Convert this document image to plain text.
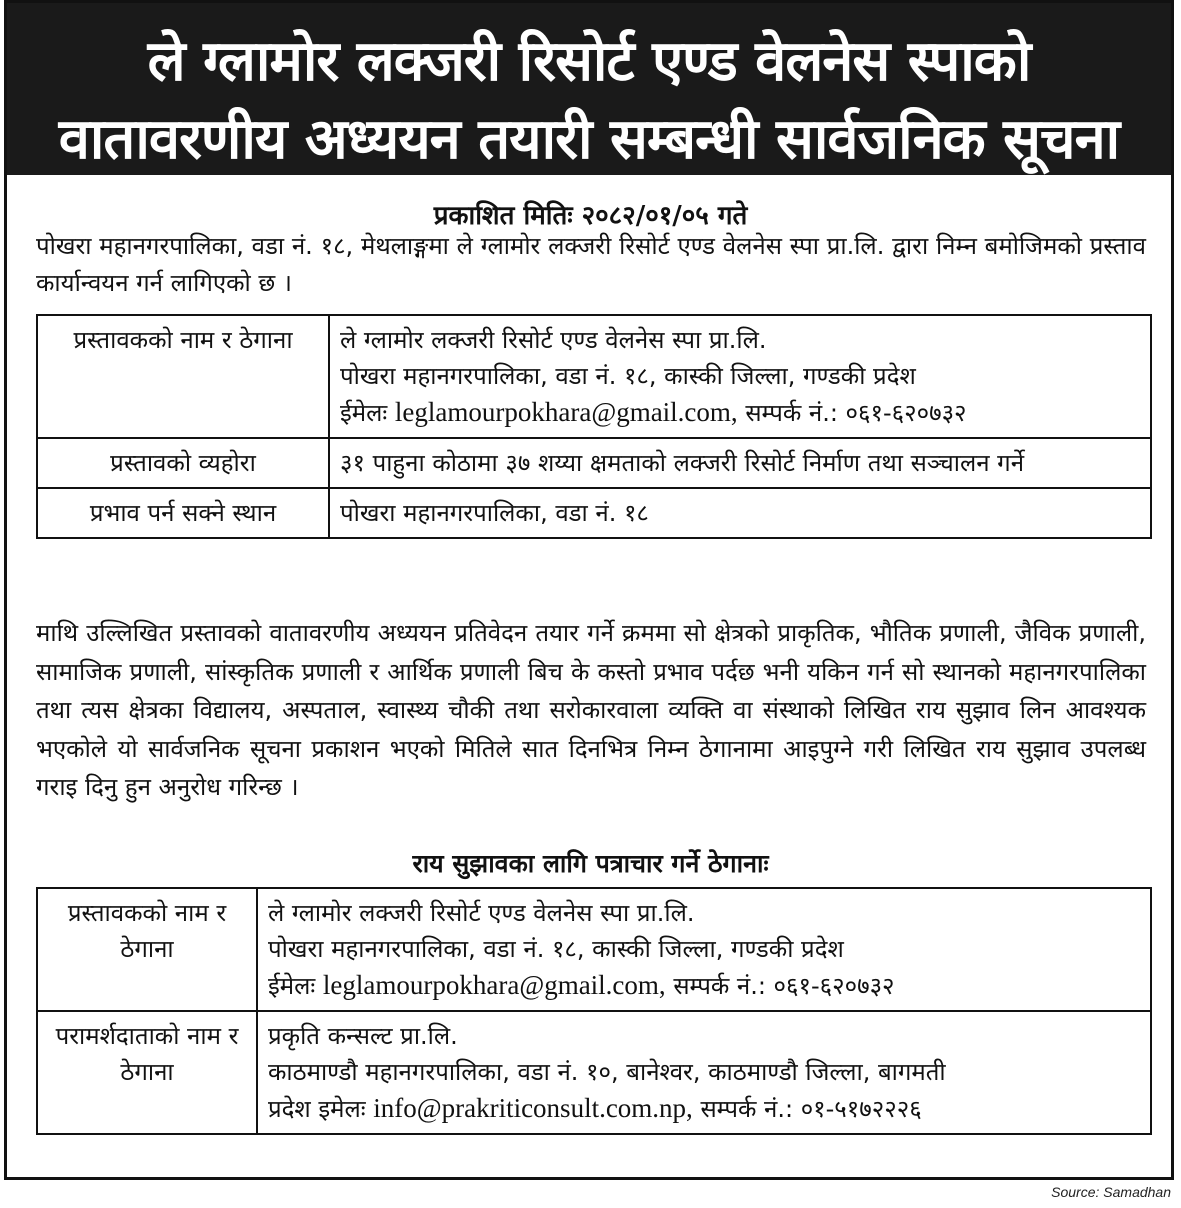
ले ग्लामोर लक्जरी रिसोर्ट एण्ड वेलनेस स्पाको
वातावरणीय अध्ययन तयारी सम्बन्धी सार्वजनिक सूचना
प्रकाशित मितिः २०८२/०१/०५ गते
पोखरा महानगरपालिका, वडा नं. १८, मेथलाङ्गमा ले ग्लामोर लक्जरी रिसोर्ट एण्ड वेलनेस स्पा प्रा.लि. द्वारा निम्न बमोजिमको प्रस्ताव कार्यान्वयन गर्न लागिएको छ ।
प्रस्तावकको नाम र ठेगाना	ले ग्लामोर लक्जरी रिसोर्ट एण्ड वेलनेस स्पा प्रा.लि.
पोखरा महानगरपालिका, वडा नं. १८, कास्की जिल्ला, गण्डकी प्रदेश
ईमेलः leglamourpokhara@gmail.com, सम्पर्क नं.: ०६१-६२०७३२

प्रस्तावको व्यहोरा	३१ पाहुना कोठामा ३७ शय्या क्षमताको लक्जरी रिसोर्ट निर्माण तथा सञ्चालन गर्ने
प्रभाव पर्न सक्ने स्थान	पोखरा महानगरपालिका, वडा नं. १८
माथि उल्लिखित प्रस्तावको वातावरणीय अध्ययन प्रतिवेदन तयार गर्ने क्रममा सो क्षेत्रको प्राकृतिक, भौतिक प्रणाली, जैविक प्रणाली, सामाजिक प्रणाली, सांस्कृतिक प्रणाली र आर्थिक प्रणाली बिच के कस्तो प्रभाव पर्दछ भनी यकिन गर्न सो स्थानको महानगरपालिका तथा त्यस क्षेत्रका विद्यालय, अस्पताल, स्वास्थ्य चौकी तथा सरोकारवाला व्यक्ति वा संस्थाको लिखित राय सुझाव लिन आवश्यक भएकोले यो सार्वजनिक सूचना प्रकाशन भएको मितिले सात दिनभित्र निम्न ठेगानामा आइपुग्ने गरी लिखित राय सुझाव उपलब्ध गराइ दिनु हुन अनुरोध गरिन्छ ।
राय सुझावका लागि पत्राचार गर्ने ठेगानाः
प्रस्तावकको नाम र ठेगाना	ले ग्लामोर लक्जरी रिसोर्ट एण्ड वेलनेस स्पा प्रा.लि.
पोखरा महानगरपालिका, वडा नं. १८, कास्की जिल्ला, गण्डकी प्रदेश
ईमेलः leglamourpokhara@gmail.com, सम्पर्क नं.: ०६१-६२०७३२

परामर्शदाताको नाम र ठेगाना	प्रकृति कन्सल्ट प्रा.लि.
काठमाण्डौ महानगरपालिका, वडा नं. १०, बानेश्वर, काठमाण्डौ जिल्ला, बागमती
प्रदेश इमेलः info@prakriticonsult.com.np, सम्पर्क नं.: ०१-५१७२२२६
Source: Samadhan
